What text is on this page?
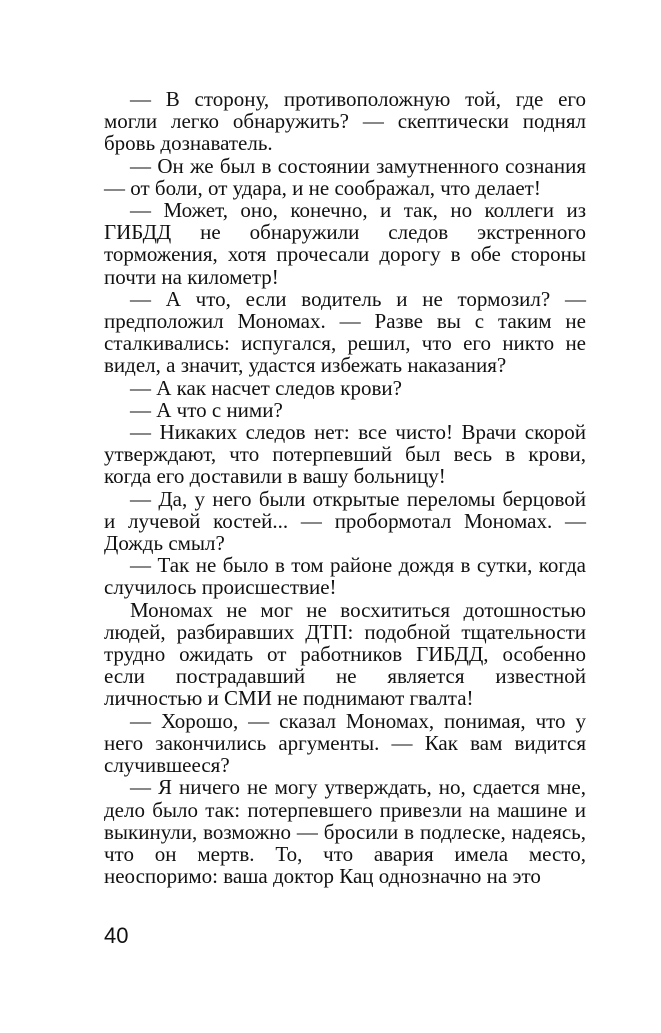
— В сторону, противоположную той, где его могли легко обнаружить? — скептически поднял бровь дознаватель.

— Он же был в состоянии замутненного сознания — от боли, от удара, и не соображал, что делает!

— Может, оно, конечно, и так, но коллеги из ГИБДД не обнаружили следов экстренного торможения, хотя прочесали дорогу в обе стороны почти на километр!

— А что, если водитель и не тормозил? — предположил Мономах. — Разве вы с таким не сталкивались: испугался, решил, что его никто не видел, а значит, удастся избежать наказания?

— А как насчет следов крови?

— А что с ними?

— Никаких следов нет: все чисто! Врачи скорой утверждают, что потерпевший был весь в крови, когда его доставили в вашу больницу!

— Да, у него были открытые переломы берцовой и лучевой костей... — пробормотал Мономах. — Дождь смыл?

— Так не было в том районе дождя в сутки, когда случилось происшествие!

Мономах не мог не восхититься дотошностью людей, разбиравших ДТП: подобной тщательности трудно ожидать от работников ГИБДД, особенно если пострадавший не является известной личностью и СМИ не поднимают гвалта!

— Хорошо, — сказал Мономах, понимая, что у него закончились аргументы. — Как вам видится случившееся?

— Я ничего не могу утверждать, но, сдается мне, дело было так: потерпевшего привезли на машине и выкинули, возможно — бросили в подлеске, надеясь, что он мертв. То, что авария имела место, неоспоримо: ваша доктор Кац однозначно на это

40
